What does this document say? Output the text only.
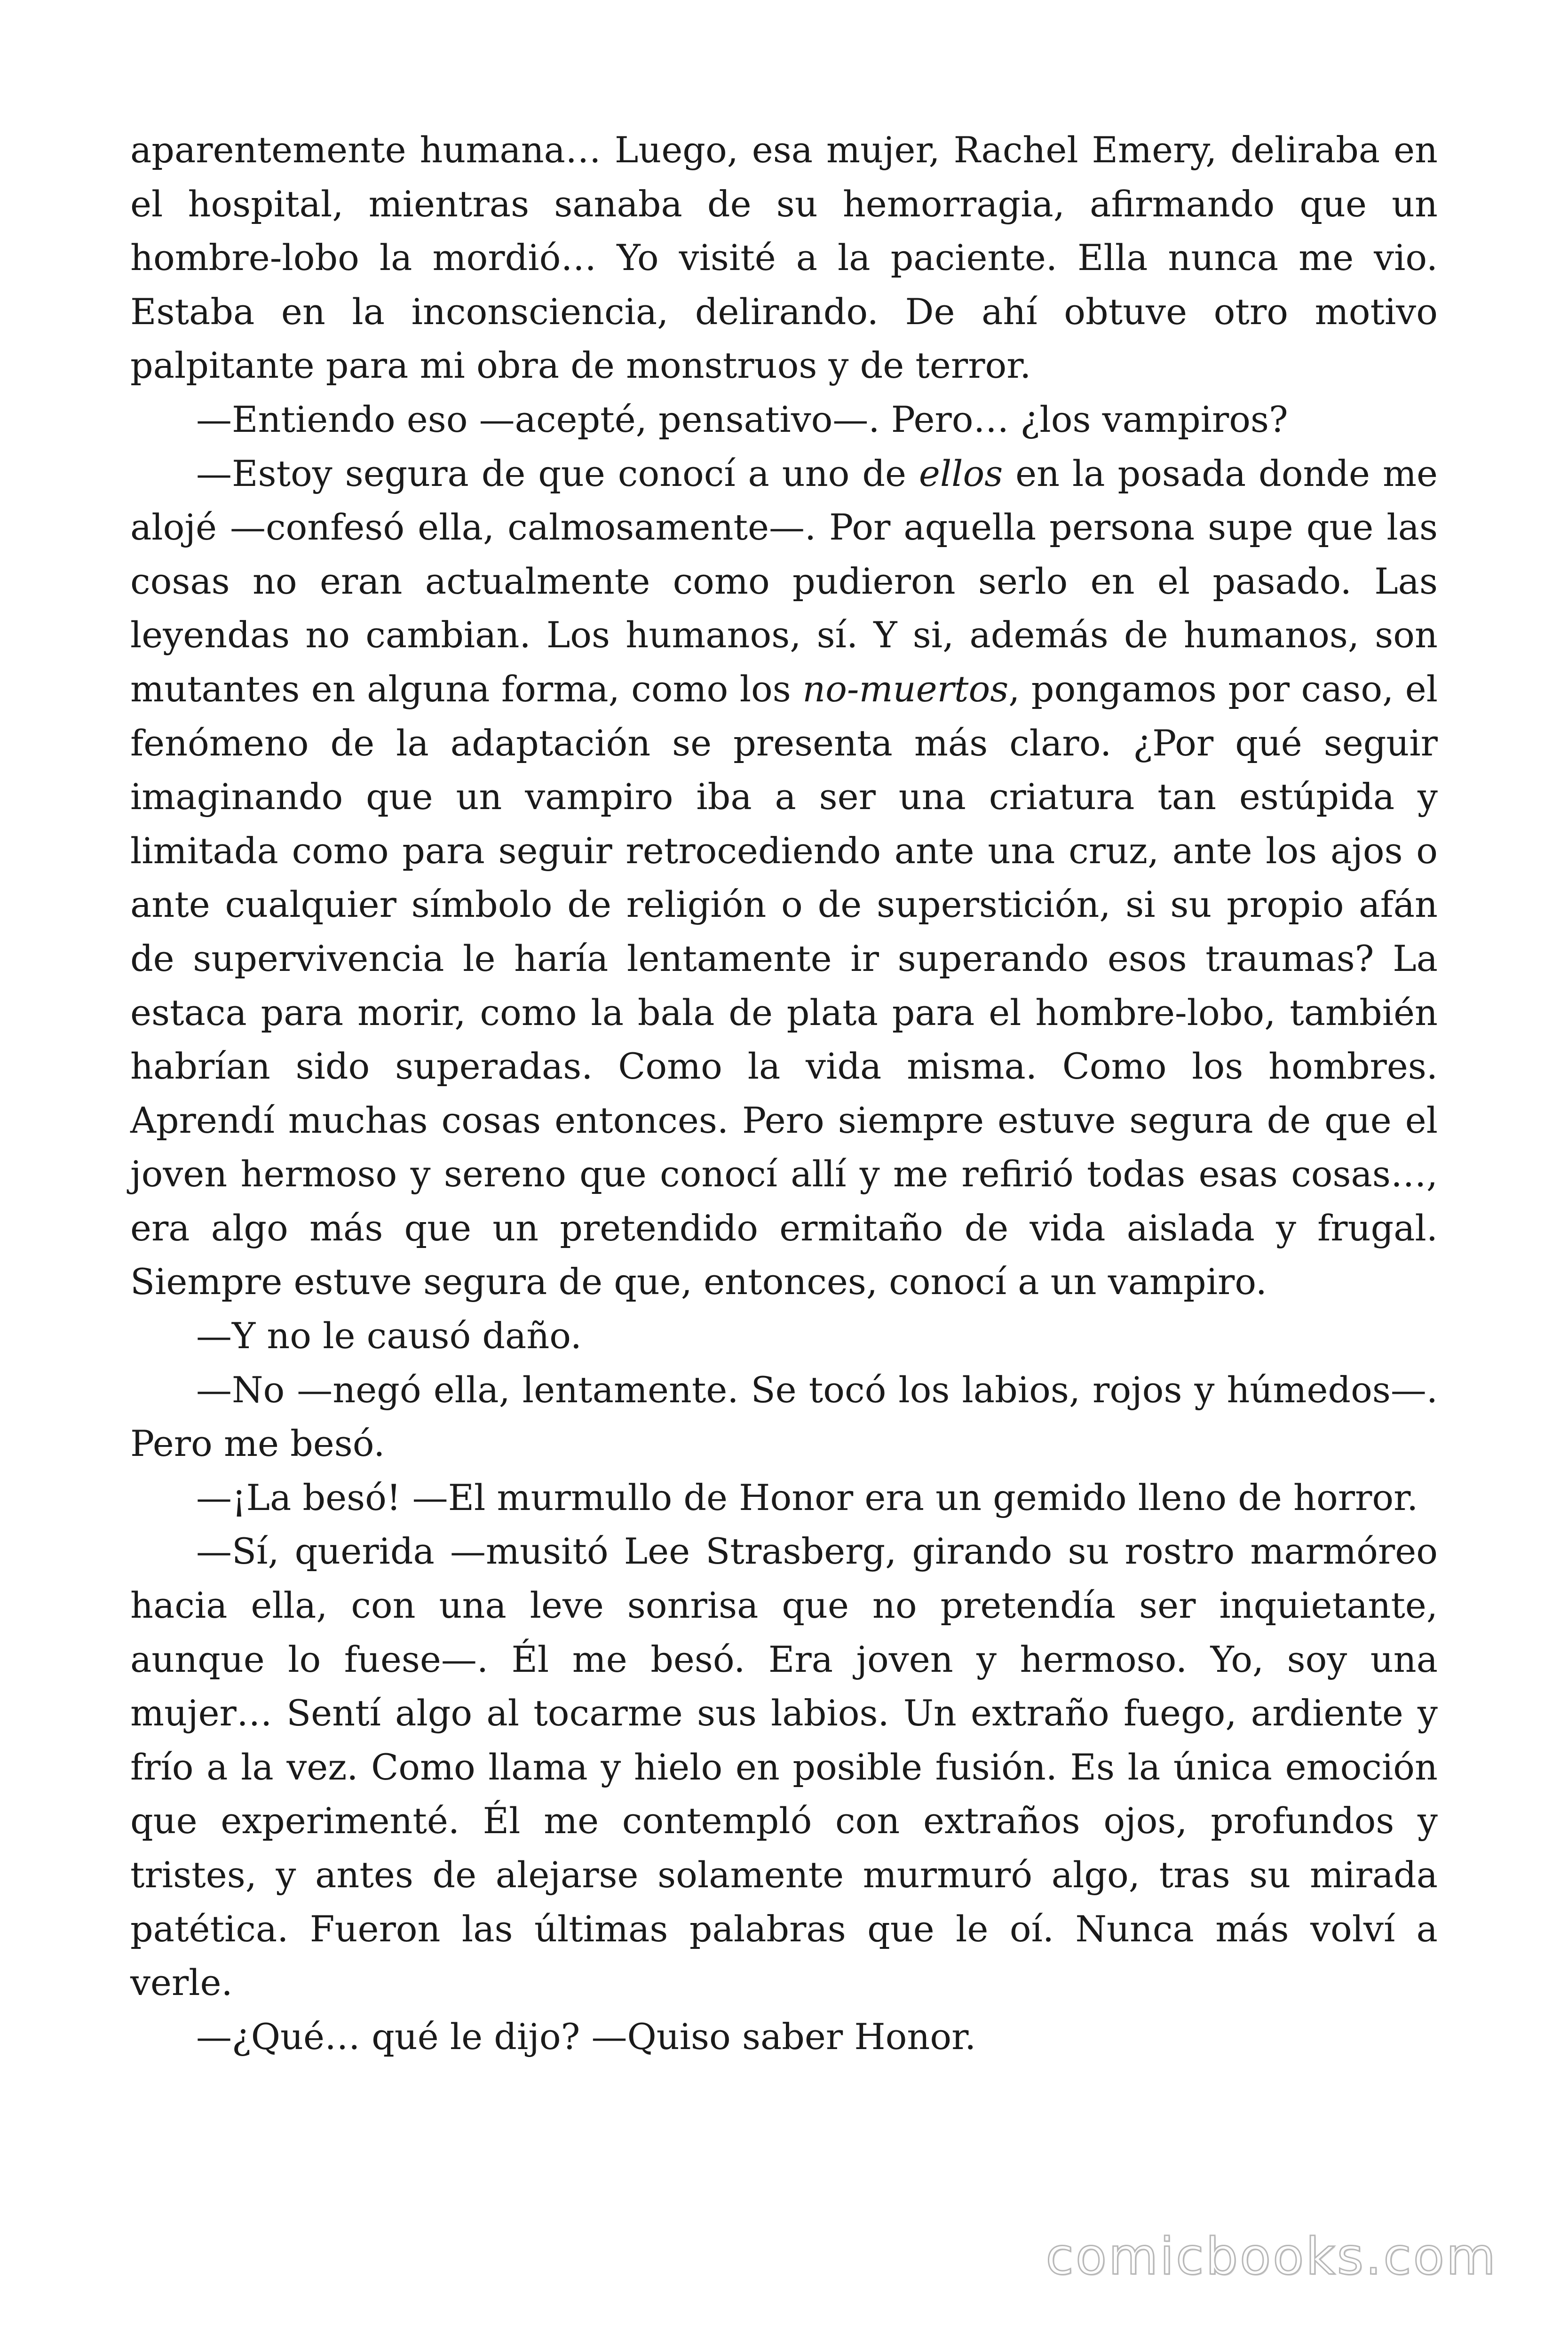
aparentemente humana… Luego, esa mujer, Rachel Emery, deliraba en el hospital, mientras sanaba de su hemorragia, afirmando que un hombre-lobo la mordió… Yo visité a la paciente. Ella nunca me vio. Estaba en la inconsciencia, delirando. De ahí obtuve otro motivo palpitante para mi obra de monstruos y de terror.

—Entiendo eso —acepté, pensativo—. Pero… ¿los vampiros?

—Estoy segura de que conocí a uno de ellos en la posada donde me alojé —confesó ella, calmosamente—. Por aquella persona supe que las cosas no eran actualmente como pudieron serlo en el pasado. Las leyendas no cambian. Los humanos, sí. Y si, además de humanos, son mutantes en alguna forma, como los no-muertos, pongamos por caso, el fenómeno de la adaptación se presenta más claro. ¿Por qué seguir imaginando que un vampiro iba a ser una criatura tan estúpida y limitada como para seguir retrocediendo ante una cruz, ante los ajos o ante cualquier símbolo de religión o de superstición, si su propio afán de supervivencia le haría lentamente ir superando esos traumas? La estaca para morir, como la bala de plata para el hombre-lobo, también habrían sido superadas. Como la vida misma. Como los hombres. Aprendí muchas cosas entonces. Pero siempre estuve segura de que el joven hermoso y sereno que conocí allí y me refirió todas esas cosas…, era algo más que un pretendido ermitaño de vida aislada y frugal. Siempre estuve segura de que, entonces, conocí a un vampiro.

—Y no le causó daño.

—No —negó ella, lentamente. Se tocó los labios, rojos y húmedos—. Pero me besó.

—¡La besó! —El murmullo de Honor era un gemido lleno de horror.

—Sí, querida —musitó Lee Strasberg, girando su rostro marmóreo hacia ella, con una leve sonrisa que no pretendía ser inquietante, aunque lo fuese—. Él me besó. Era joven y hermoso. Yo, soy una mujer… Sentí algo al tocarme sus labios. Un extraño fuego, ardiente y frío a la vez. Como llama y hielo en posible fusión. Es la única emoción que experimenté. Él me contempló con extraños ojos, profundos y tristes, y antes de alejarse solamente murmuró algo, tras su mirada patética. Fueron las últimas palabras que le oí. Nunca más volví a verle.

—¿Qué… qué le dijo? —Quiso saber Honor.

comicbooks.com
